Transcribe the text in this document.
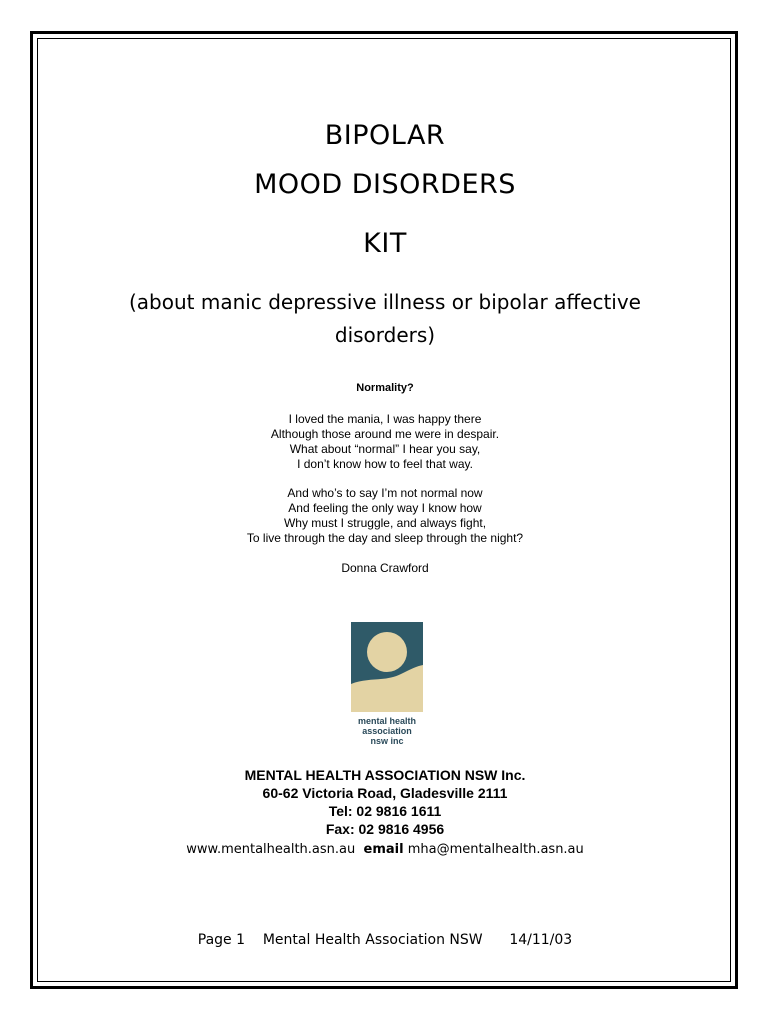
BIPOLAR
MOOD DISORDERS
KIT
(about manic depressive illness or bipolar affective
disorders)
Normality?
I loved the mania, I was happy there
Although those around me were in despair.
What about “normal” I hear you say,
I don’t know how to feel that way.
And who’s to say I’m not normal now
And feeling the only way I know how
Why must I struggle, and always fight,
To live through the day and sleep through the night?
Donna Crawford
mental health
association
nsw inc
MENTAL HEALTH ASSOCIATION NSW Inc.
60-62 Victoria Road, Gladesville 2111
Tel: 02 9816 1611
Fax: 02 9816 4956
www.mentalhealth.asn.au email mha@mentalhealth.asn.au
Page 1 Mental Health Association NSW 14/11/03
